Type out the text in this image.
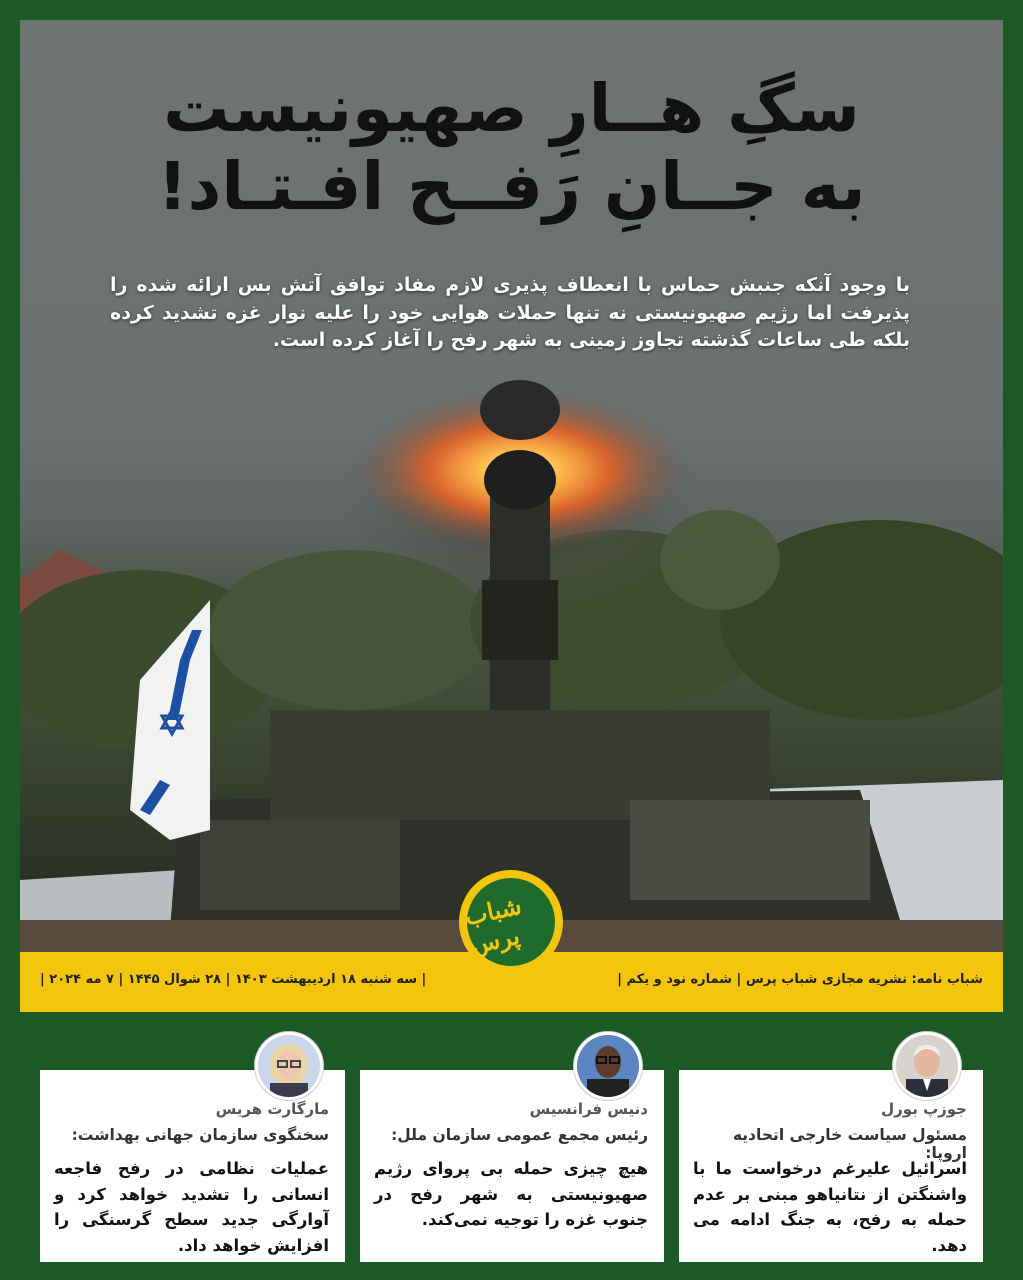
سگِ هــارِ صهیونیست
به جــانِ رَفــح افـتـاد!
با وجود آنکه جنبش حماس با انعطاف پذیری لازم مفاد توافق آتش بس ارائه شده را پذیرفت اما رژیم صهیونیستی نه تنها حملات هوایی خود را علیه نوار غزه تشدید کرده بلکه طی ساعات گذشته تجاوز زمینی به شهر رفح را آغاز کرده است.
شباب نامه: نشریه مجازی شباب پرس | شماره نود و یکم |
| سه شنبه ۱۸ اردیبهشت ۱۴۰۳ | ۲۸ شوال ۱۴۴۵ | ۷ مه ۲۰۲۴ |
شباب پرس
جوزپ بورل
مسئول سیاست خارجی اتحادیه اروپا:
اسرائیل علیرغم درخواست ما با واشنگتن از نتانیاهو مبنی بر عدم حمله به رفح، به جنگ ادامه می دهد.
دنیس فرانسیس
رئیس مجمع عمومی سازمان ملل:
هیچ چیزی حمله بی پروای رژیم صهیونیستی به شهر رفح در جنوب غزه را توجیه نمی‌کند.
مارگارت هریس
سخنگوی سازمان جهانی بهداشت:
عملیات نظامی در رفح فاجعه انسانی را تشدید خواهد کرد و آوارگی جدید سطح گرسنگی را افزایش خواهد داد.
